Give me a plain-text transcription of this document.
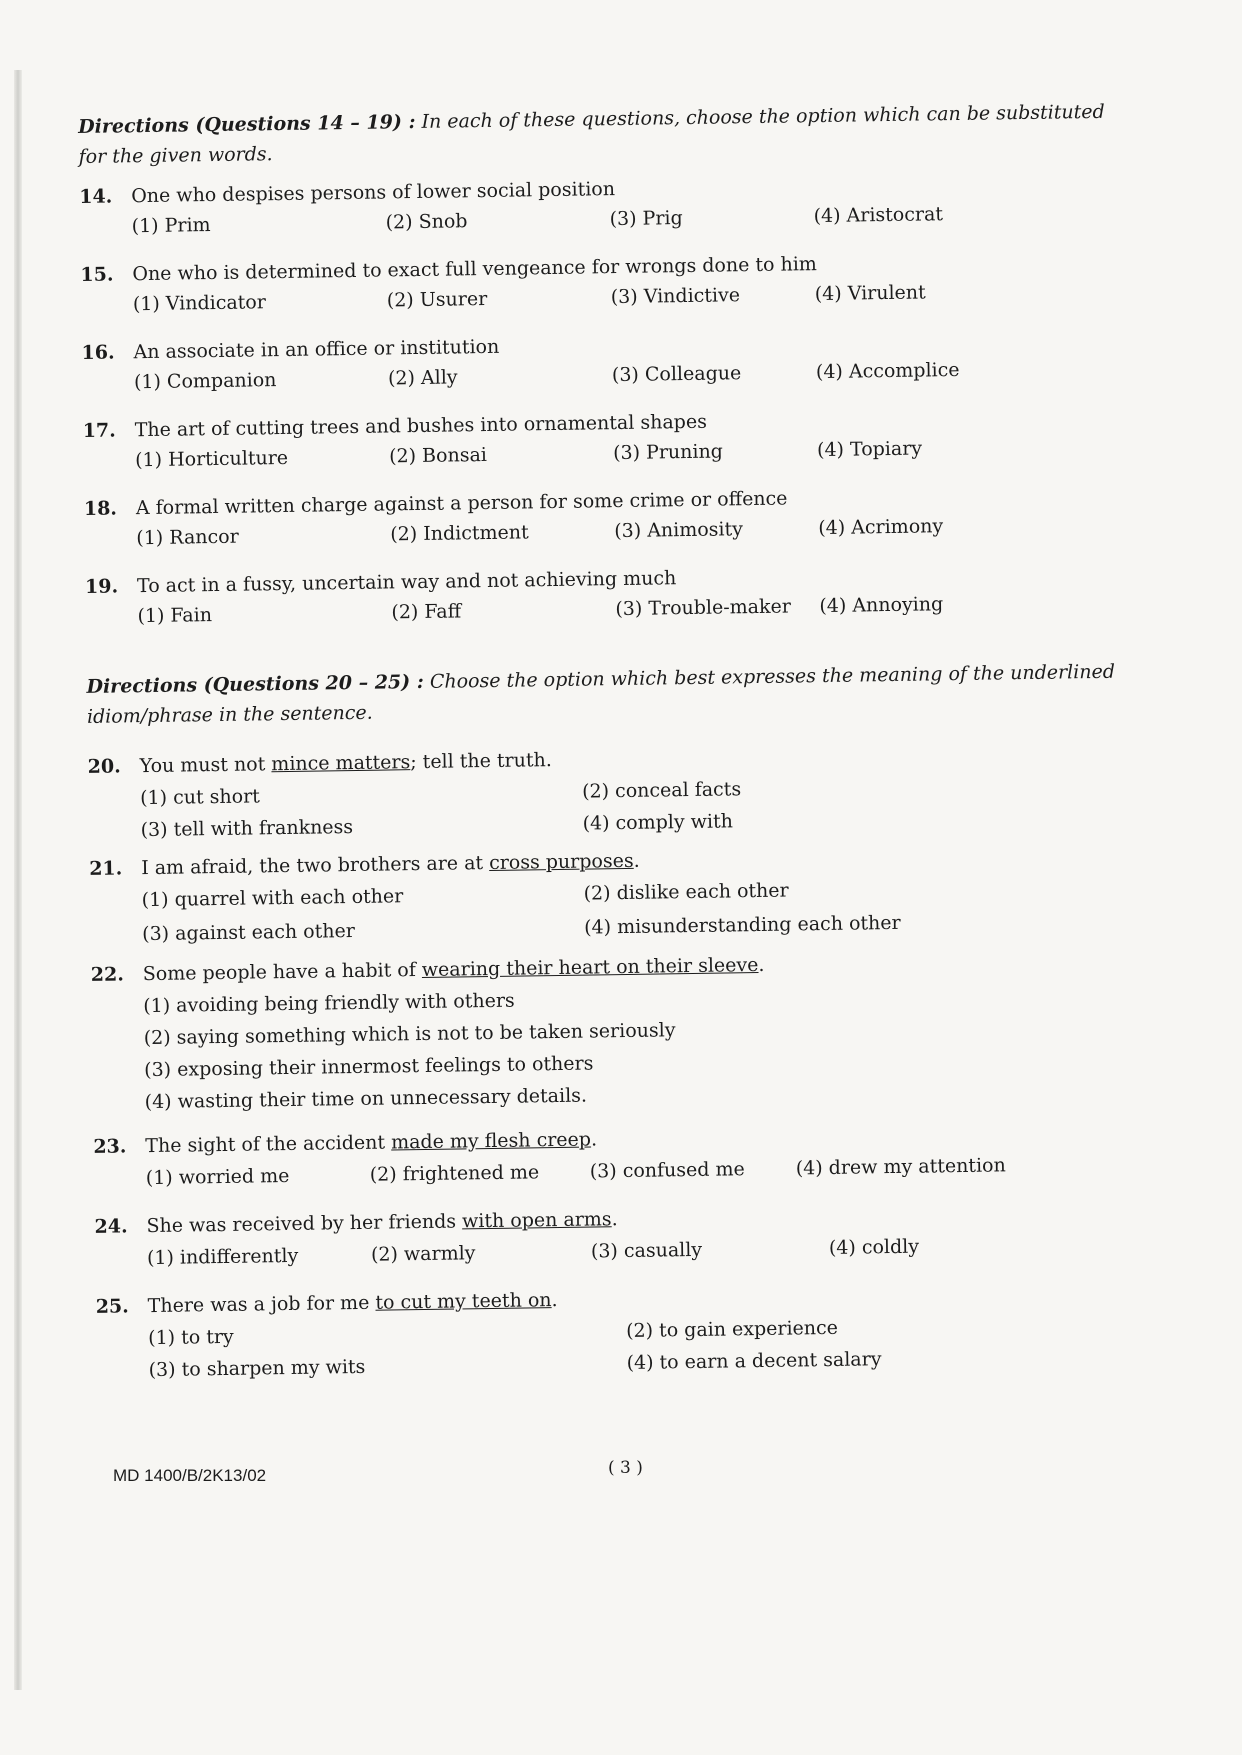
Directions (Questions 14 – 19) : In each of these questions, choose the option which can be substituted for the given words.
14. One who despises persons of lower social position
(1) Prim	(2) Snob	(3) Prig	(4) Aristocrat
15. One who is determined to exact full vengeance for wrongs done to him
(1) Vindicator	(2) Usurer	(3) Vindictive	(4) Virulent
16. An associate in an office or institution
(1) Companion	(2) Ally	(3) Colleague	(4) Accomplice
17. The art of cutting trees and bushes into ornamental shapes
(1) Horticulture	(2) Bonsai	(3) Pruning	(4) Topiary
18. A formal written charge against a person for some crime or offence
(1) Rancor	(2) Indictment	(3) Animosity	(4) Acrimony
19. To act in a fussy, uncertain way and not achieving much
(1) Fain	(2) Faff	(3) Trouble-maker (4) Annoying
Directions (Questions 20 – 25) : Choose the option which best expresses the meaning of the underlined idiom/phrase in the sentence.
20. You must not mince matters; tell the truth.
(1) cut short	(2) conceal facts
(3) tell with frankness	(4) comply with
21. I am afraid, the two brothers are at cross purposes.
(1) quarrel with each other	(2) dislike each other
(3) against each other	(4) misunderstanding each other
22. Some people have a habit of wearing their heart on their sleeve.
(1) avoiding being friendly with others
(2) saying something which is not to be taken seriously
(3) exposing their innermost feelings to others
(4) wasting their time on unnecessary details.
23. The sight of the accident made my flesh creep.
(1) worried me	(2) frightened me	(3) confused me	(4) drew my attention
24. She was received by her friends with open arms.
(1) indifferently	(2) warmly	(3) casually	(4) coldly
25. There was a job for me to cut my teeth on.
(1) to try	(2) to gain experience
(3) to sharpen my wits	(4) to earn a decent salary
MD 1400/B/2K13/02	( 3 )
